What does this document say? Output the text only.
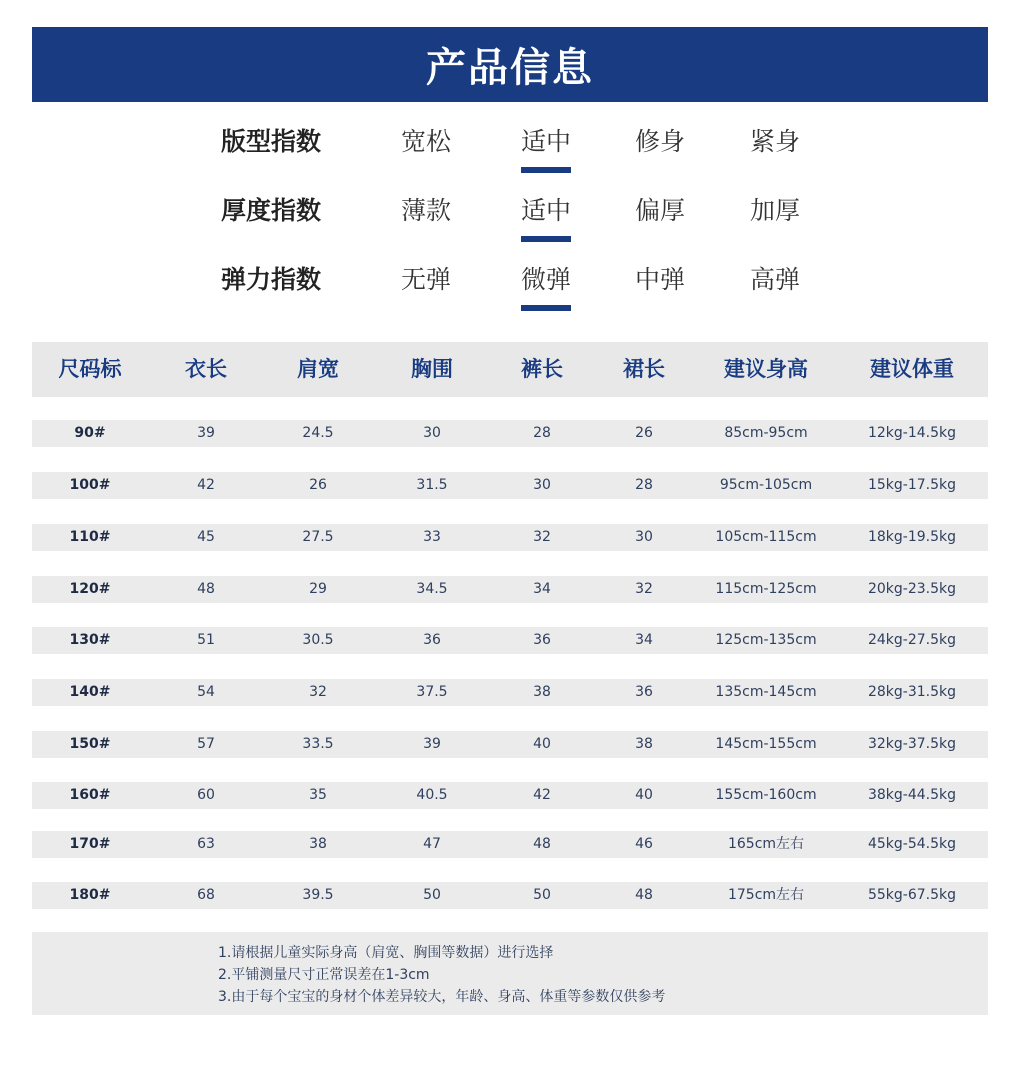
产品信息
版型指数	宽松	适中	修身	紧身
厚度指数	薄款	适中	偏厚	加厚
弹力指数	无弹	微弹	中弹	高弹
尺码标	衣长	肩宽	胸围	裤长	裙长	建议身高	建议体重
90#	39	24.5	30	28	26	85cm-95cm	12kg-14.5kg
100#	42	26	31.5	30	28	95cm-105cm	15kg-17.5kg
110#	45	27.5	33	32	30	105cm-115cm	18kg-19.5kg
120#	48	29	34.5	34	32	115cm-125cm	20kg-23.5kg
130#	51	30.5	36	36	34	125cm-135cm	24kg-27.5kg
140#	54	32	37.5	38	36	135cm-145cm	28kg-31.5kg
150#	57	33.5	39	40	38	145cm-155cm	32kg-37.5kg
160#	60	35	40.5	42	40	155cm-160cm	38kg-44.5kg
170#	63	38	47	48	46	165cm左右	45kg-54.5kg
180#	68	39.5	50	50	48	175cm左右	55kg-67.5kg
1.请根据儿童实际身高（肩宽、胸围等数据）进行选择
2.平铺测量尺寸正常误差在1-3cm
3.由于每个宝宝的身材个体差异较大，年龄、身高、体重等参数仅供参考
